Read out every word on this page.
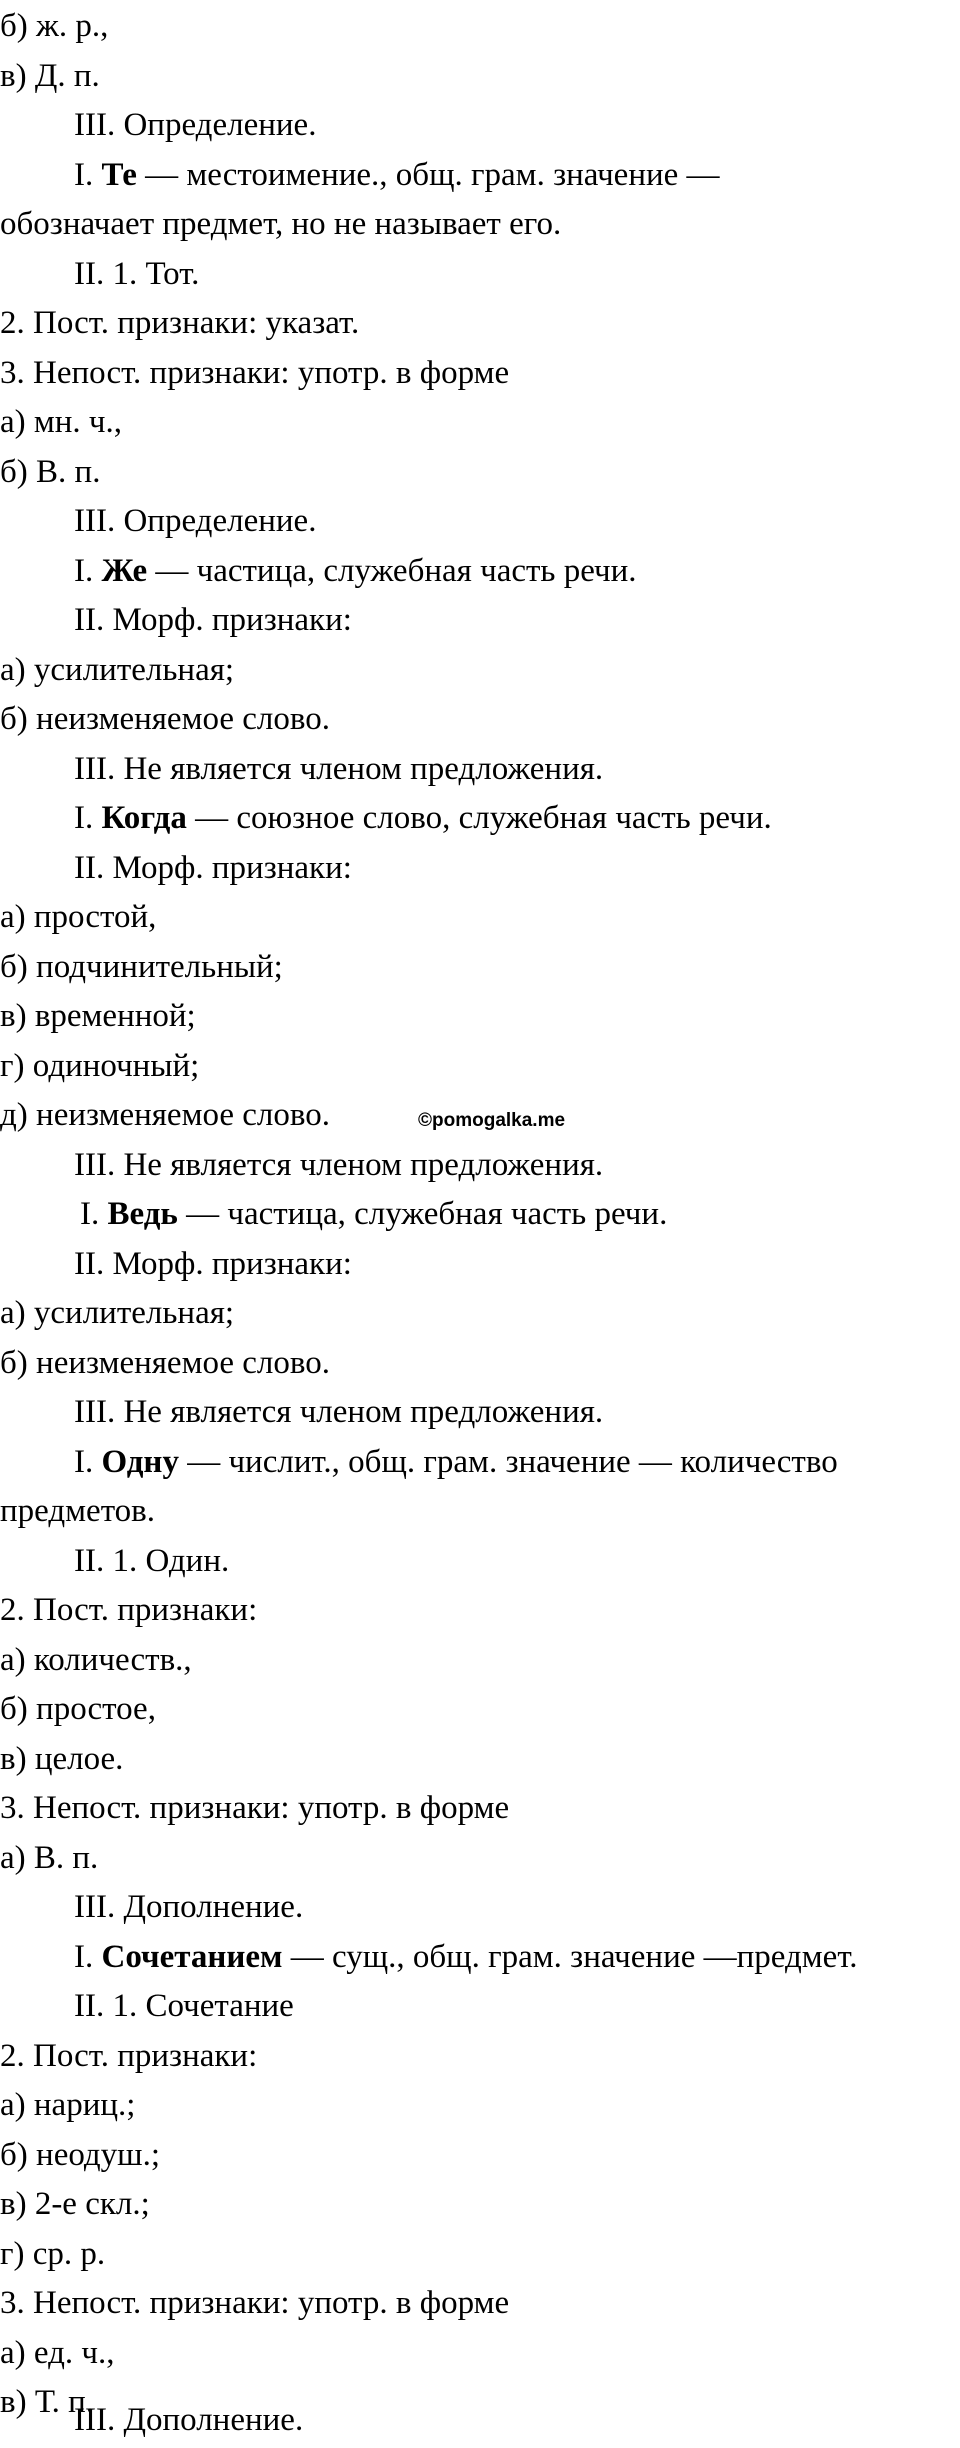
б) ж. р.,
в) Д. п.
III. Определение.
I. Те — местоимение., общ. грам. значение —
обозначает предмет, но не называет его.
II. 1. Тот.
2. Пост. признаки: указат.
3. Непост. признаки: употр. в форме
а) мн. ч.,
б) В. п.
III. Определение.
I. Же — частица, служебная часть речи.
II. Морф. признаки:
а) усилительная;
б) неизменяемое слово.
III. Не является членом предложения.
I. Когда — союзное слово, служебная часть речи.
II. Морф. признаки:
а) простой,
б) подчинительный;
в) временной;
г) одиночный;
д) неизменяемое слово.	©pomogalka.me
III. Не является членом предложения.
I. Ведь — частица, служебная часть речи.
II. Морф. признаки:
а) усилительная;
б) неизменяемое слово.
III. Не является членом предложения.
I. Одну — числит., общ. грам. значение — количество
предметов.
II. 1. Один.
2. Пост. признаки:
а) количеств.,
б) простое,
в) целое.
3. Непост. признаки: употр. в форме
а) В. п.
III. Дополнение.
I. Сочетанием — сущ., общ. грам. значение —предмет.
II. 1. Сочетание
2. Пост. признаки:
а) нариц.;
б) неодуш.;
в) 2-е скл.;
г) ср. р.
3. Непост. признаки: употр. в форме
а) ед. ч.,
в) Т. п.
III. Дополнение.
